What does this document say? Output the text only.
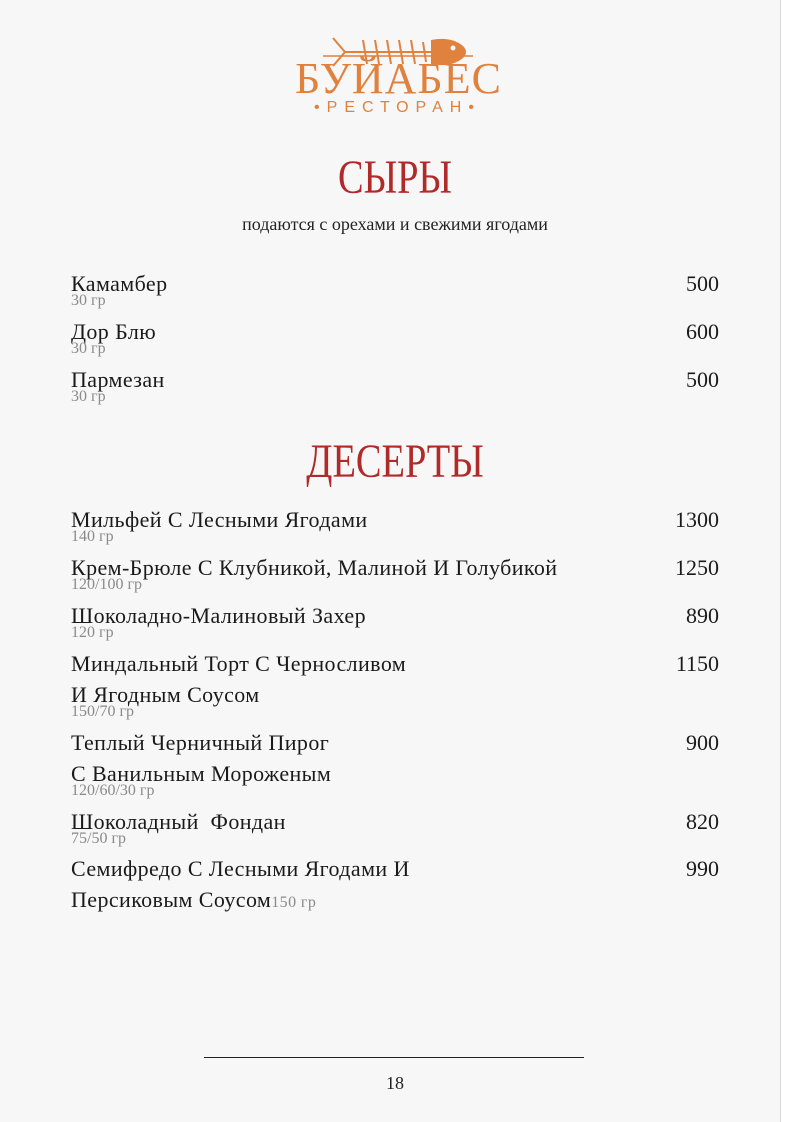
БУЙАБЕС
•РЕСТОРАН•
СЫРЫ
подаются с орехами и свежими ягодами
Камамбер
30 гр
500
Дор Блю
30 гр
600
Пармезан
30 гр
500
ДЕСЕРТЫ
Мильфей С Лесными Ягодами
140 гр
1300
Крем-Брюле С Клубникой, Малиной И Голубикой
120/100 гр
1250
Шоколадно-Малиновый Захер
120 гр
890
Миндальный Торт С Черносливом
И Ягодным Соусом
150/70 гр
1150
Теплый Черничный Пирог
С Ванильным Мороженым
120/60/30 гр
900
Шоколадный  Фондан
75/50 гр
820
Семифредо С Лесными Ягодами И
Персиковым Соусом150 гр
990
18
